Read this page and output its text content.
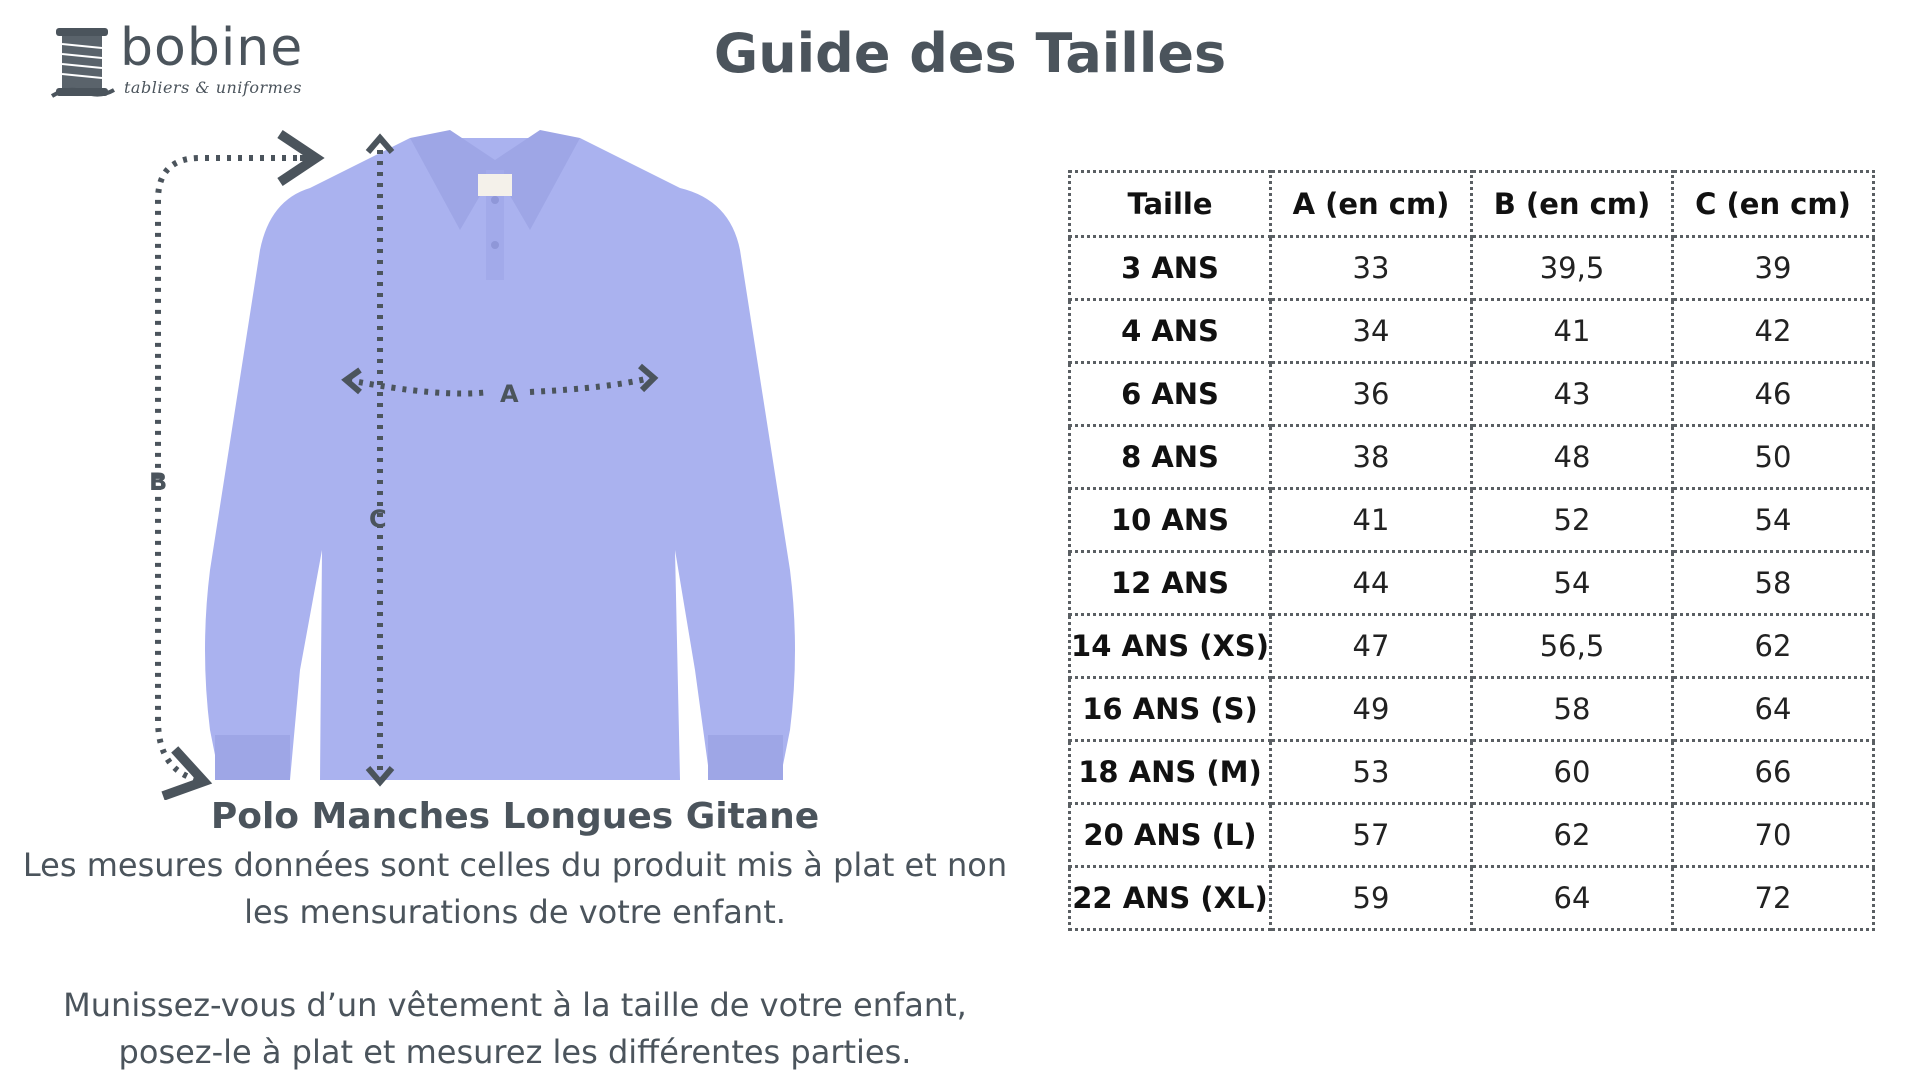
bobine
tabliers & uniformes
Guide des Tailles
B
C
A
Polo Manches Longues Gitane

Les mesures données sont celles du produit mis à plat et non les mensurations de votre enfant.

Munissez-vous d’un vêtement à la taille de votre enfant, posez-le à plat et mesurez les différentes parties.

Taille	A (en cm)	B (en cm)	C (en cm)
3 ANS	33	39,5	39
4 ANS	34	41	42
6 ANS	36	43	46
8 ANS	38	48	50
10 ANS	41	52	54
12 ANS	44	54	58
14 ANS (XS)	47	56,5	62
16 ANS (S)	49	58	64
18 ANS (M)	53	60	66
20 ANS (L)	57	62	70
22 ANS (XL)	59	64	72
